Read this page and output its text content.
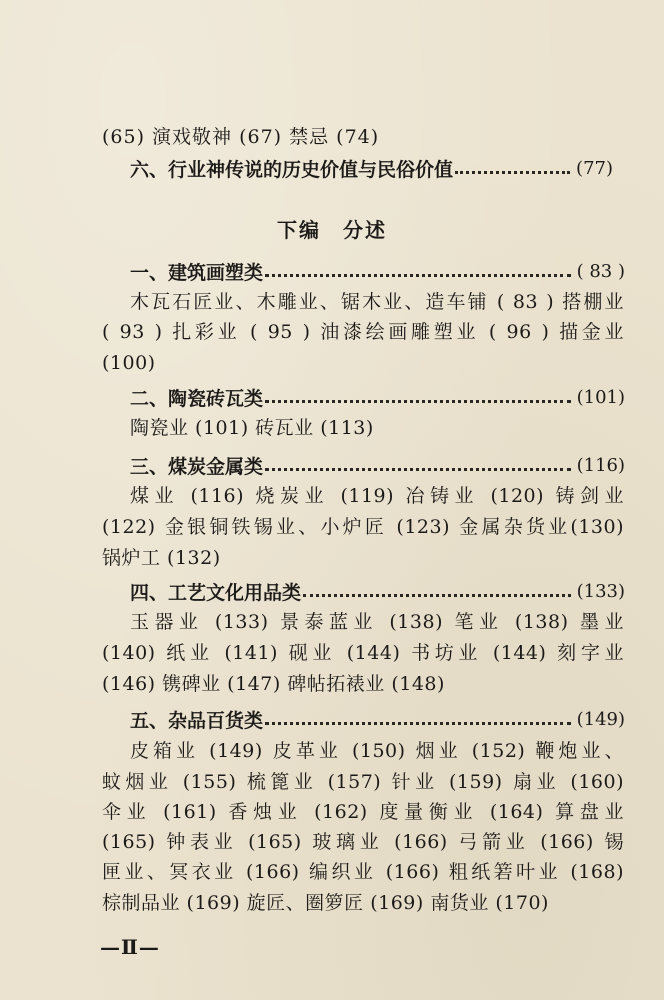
(65) 演戏敬神 (67) 禁忌 (74)
六、行业神传说的历史价值与民俗价值	(77)
下编　分述
一、建筑画塑类	( 83 )
木瓦石匠业、木雕业、锯木业、造车铺 ( 83 ) 搭棚业
( 93 ) 扎彩业 ( 95 ) 油漆绘画雕塑业 ( 96 ) 描金业
(100)
二、陶瓷砖瓦类	(101)
陶瓷业 (101) 砖瓦业 (113)
三、煤炭金属类	(116)
煤业 (116) 烧炭业 (119) 冶铸业 (120) 铸剑业
(122) 金银铜铁锡业、小炉匠 (123) 金属杂货业(130)
锅炉工 (132)
四、工艺文化用品类	(133)
玉器业 (133) 景泰蓝业 (138) 笔业 (138) 墨业
(140) 纸业 (141) 砚业 (144) 书坊业 (144) 刻字业
(146) 镌碑业 (147) 碑帖拓裱业 (148)
五、杂品百货类	(149)
皮箱业 (149) 皮革业 (150) 烟业 (152) 鞭炮业、
蚊烟业 (155) 梳篦业 (157) 针业 (159) 扇业 (160)
伞业 (161) 香烛业 (162) 度量衡业 (164) 算盘业
(165) 钟表业 (165) 玻璃业 (166) 弓箭业 (166) 锡
匣业、冥衣业 (166) 编织业 (166) 粗纸箬叶业 (168)
棕制品业 (169) 旋匠、圈箩匠 (169) 南货业 (170)
—Ⅱ—
